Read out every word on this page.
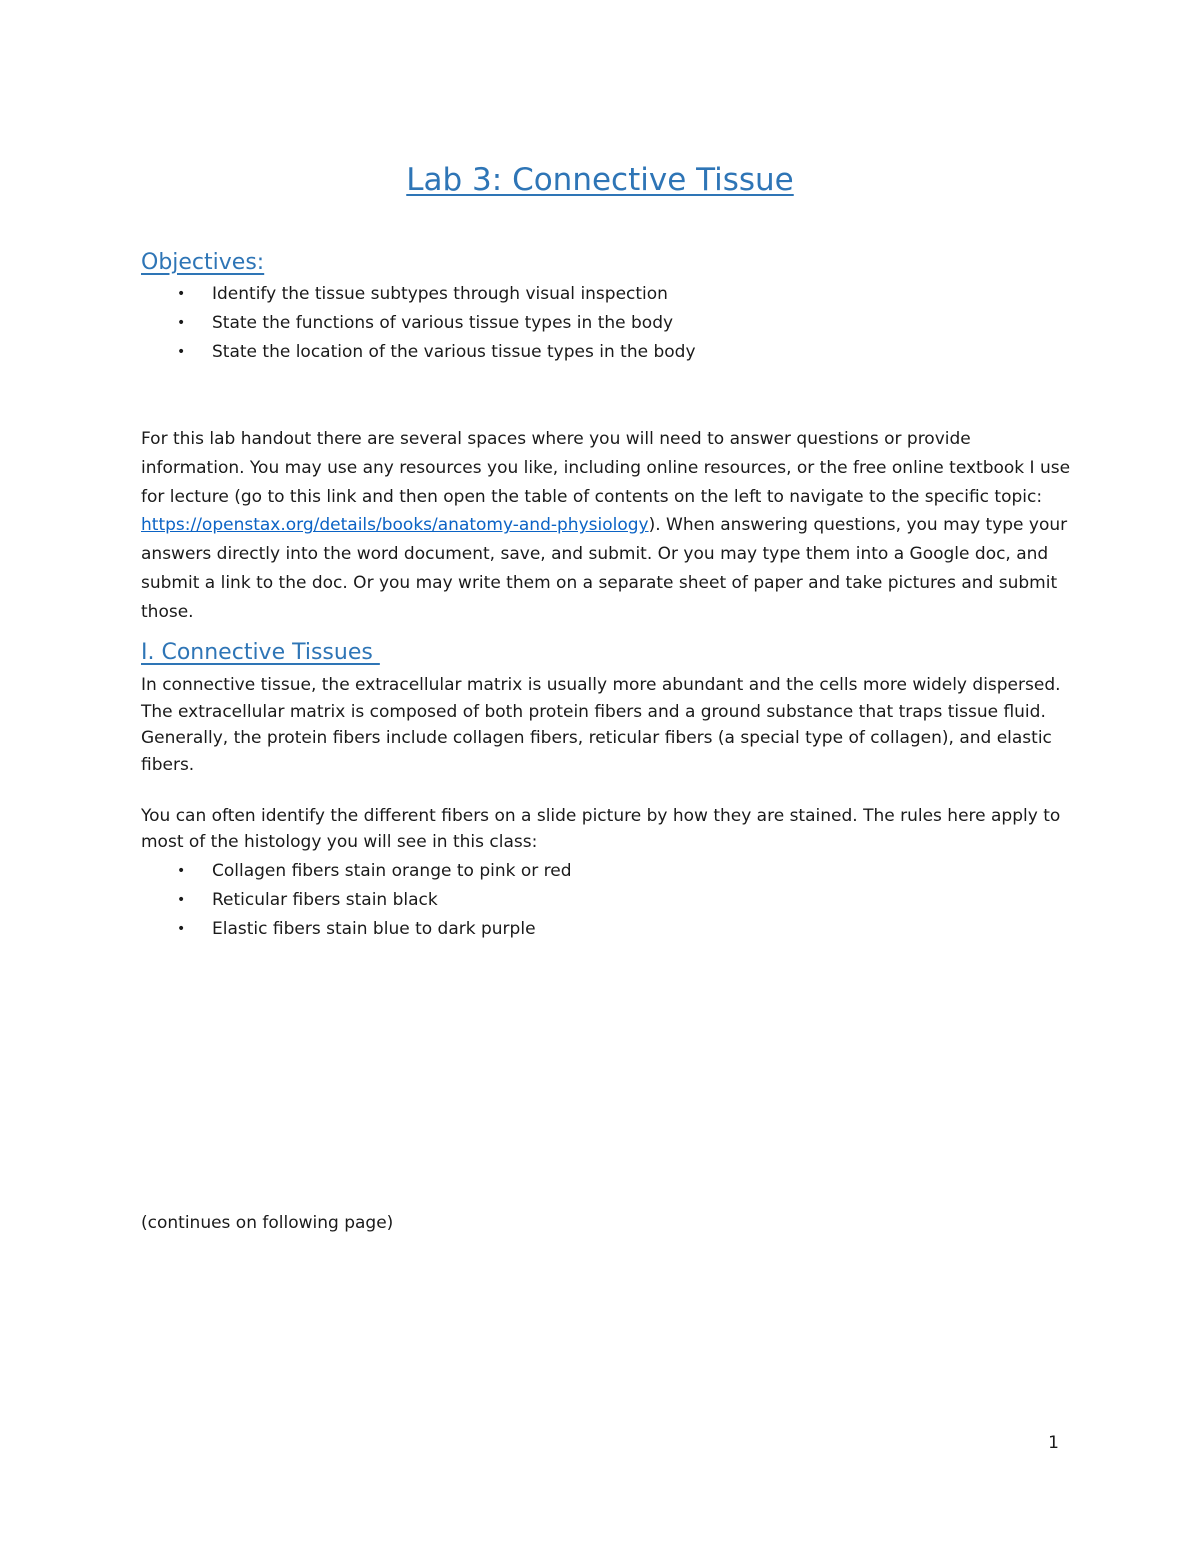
Lab 3: Connective Tissue
Objectives:
• Identify the tissue subtypes through visual inspection
• State the functions of various tissue types in the body
• State the location of the various tissue types in the body

For this lab handout there are several spaces where you will need to answer questions or provide information. You may use any resources you like, including online resources, or the free online textbook I use for lecture (go to this link and then open the table of contents on the left to navigate to the specific topic: https://openstax.org/details/books/anatomy-and-physiology). When answering questions, you may type your answers directly into the word document, save, and submit. Or you may type them into a Google doc, and submit a link to the doc. Or you may write them on a separate sheet of paper and take pictures and submit those.

I. Connective Tissues

In connective tissue, the extracellular matrix is usually more abundant and the cells more widely dispersed. The extracellular matrix is composed of both protein fibers and a ground substance that traps tissue fluid. Generally, the protein fibers include collagen fibers, reticular fibers (a special type of collagen), and elastic fibers.

You can often identify the different fibers on a slide picture by how they are stained. The rules here apply to most of the histology you will see in this class:

• Collagen fibers stain orange to pink or red
• Reticular fibers stain black
• Elastic fibers stain blue to dark purple

(continues on following page)

1
